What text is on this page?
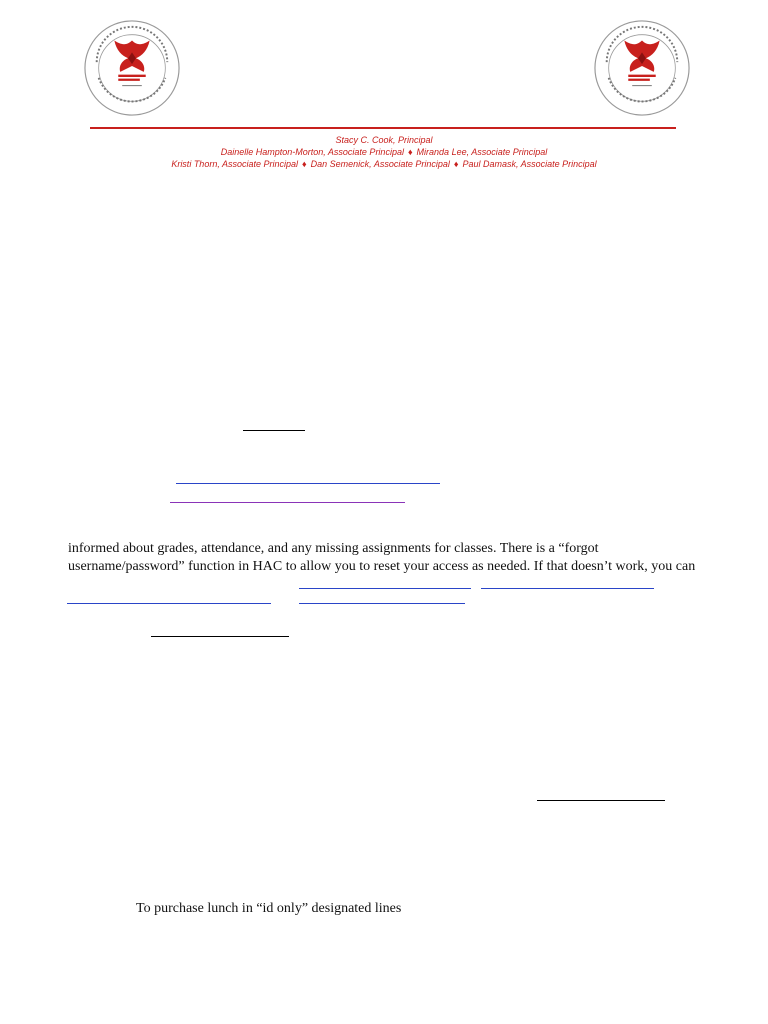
Stacy C. Cook, Principal
Dainelle Hampton-Morton, Associate Principal ♦ Miranda Lee, Associate Principal
Kristi Thorn, Associate Principal ♦ Dan Semenick, Associate Principal ♦ Paul Damask, Associate Principal
informed about grades, attendance, and any missing assignments for classes. There is a “forgot
username/password” function in HAC to allow you to reset your access as needed. If that doesn’t work, you can
To purchase lunch in “id only” designated lines
